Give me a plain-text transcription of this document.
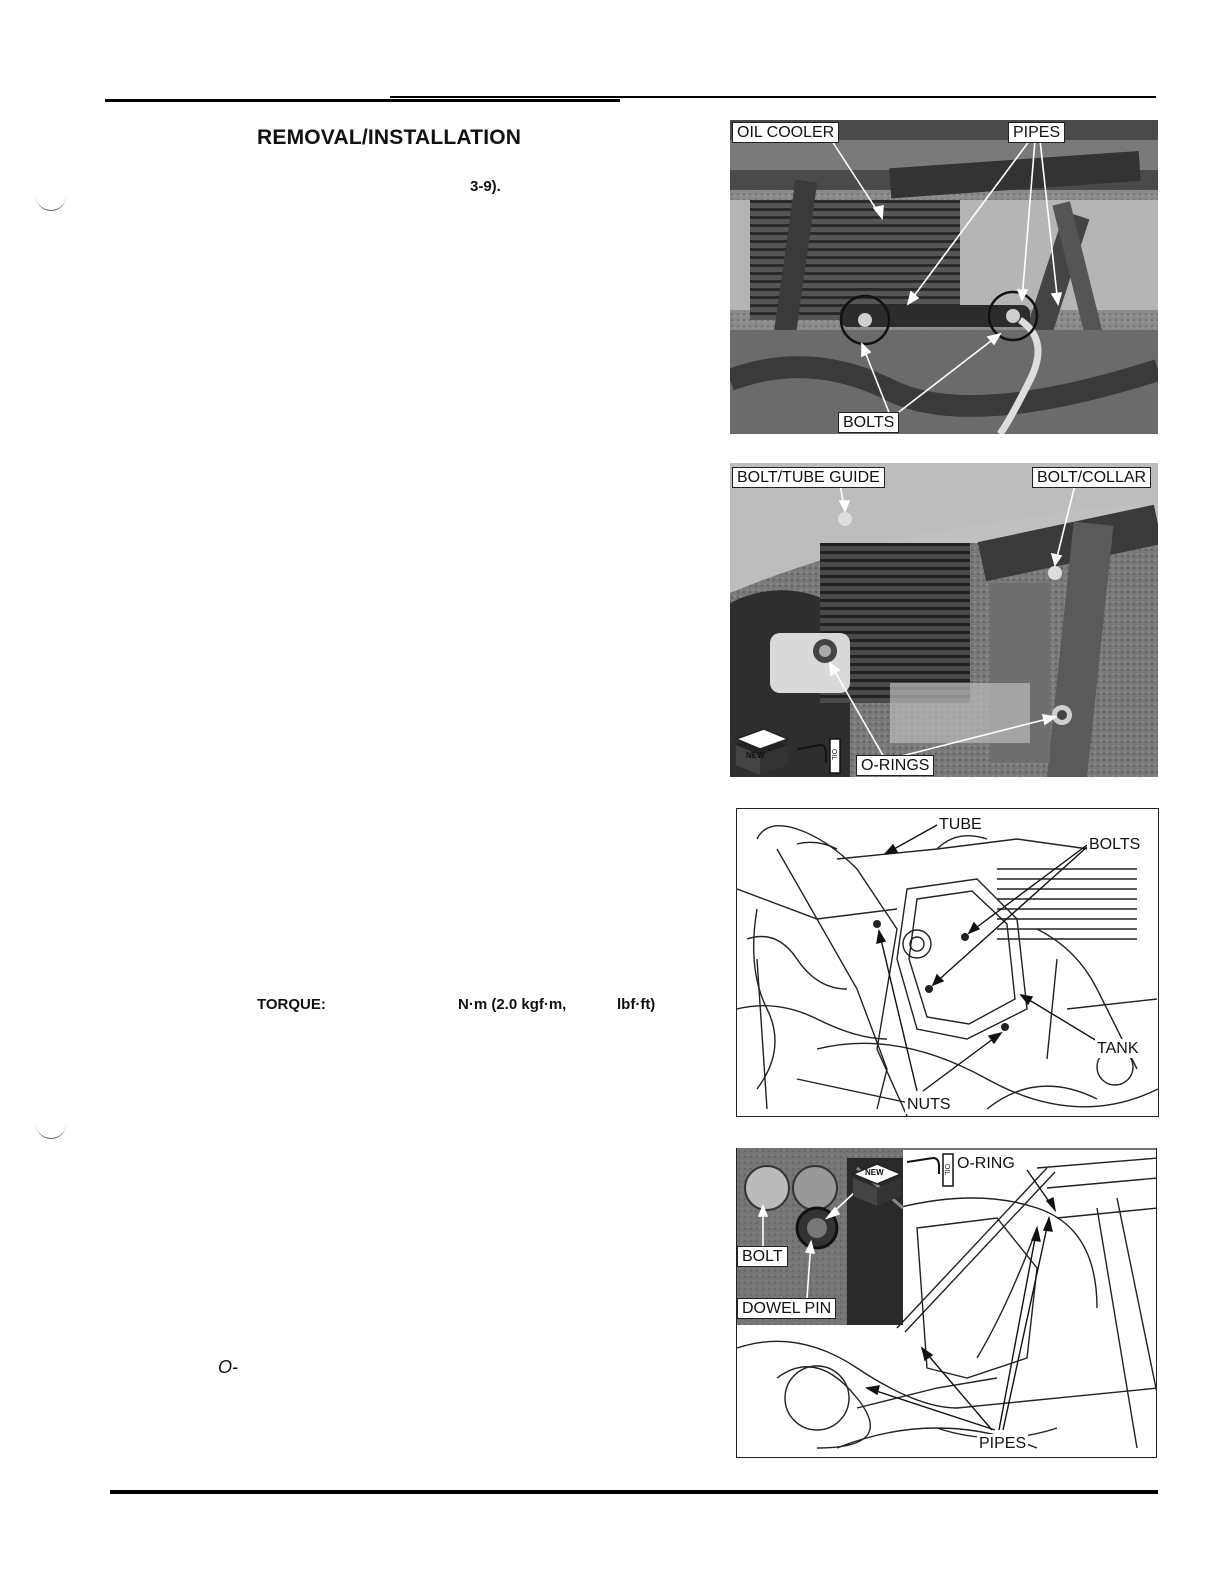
REMOVAL/INSTALLATION
3-9).
TORQUE:	N·m (2.0 kgf·m,	lbf·ft)
O-
OIL COOLER	PIPES
BOLTS
BOLT/TUBE GUIDE	BOLT/COLLAR
O-RINGS
NEW	OIL
TUBE
BOLTS
TANK
NUTS
O-RING
BOLT
DOWEL PIN
PIPES
NEW	OIL
